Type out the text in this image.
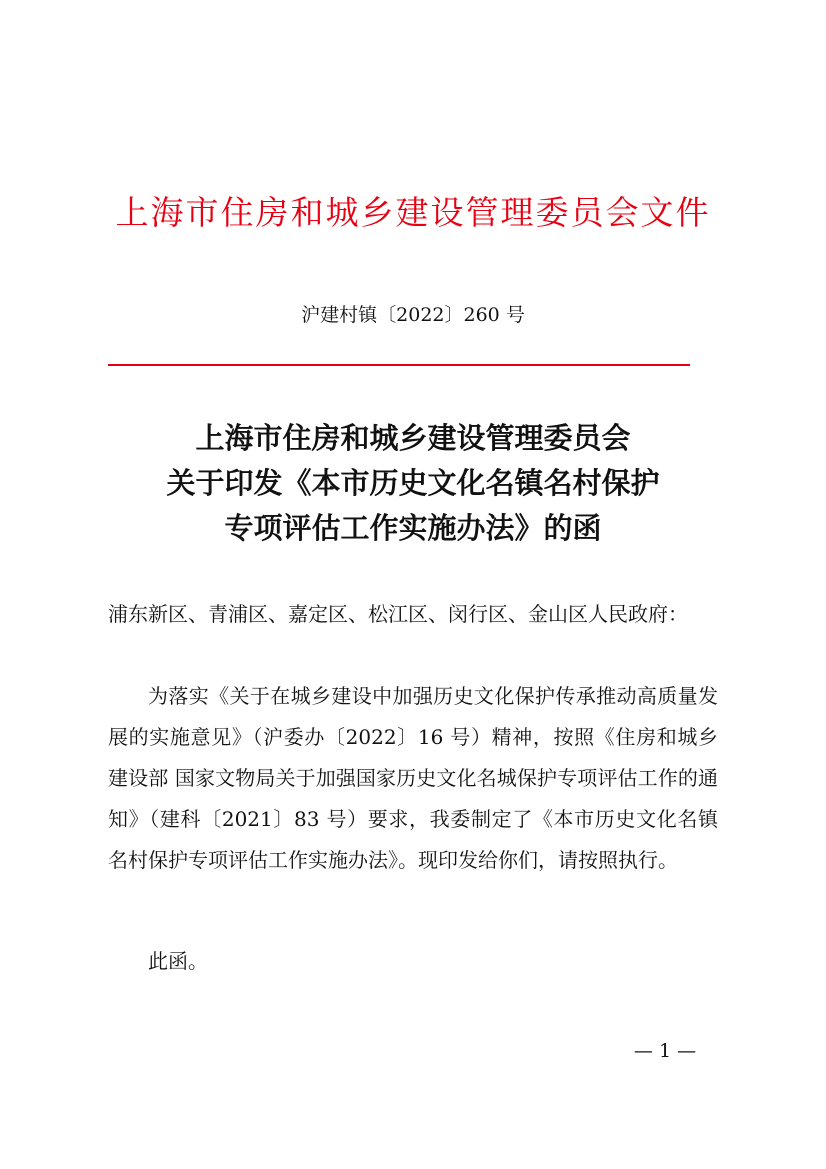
上海市住房和城乡建设管理委员会文件
沪建村镇〔2022〕260 号
上海市住房和城乡建设管理委员会
关于印发《本市历史文化名镇名村保护
专项评估工作实施办法》的函
浦东新区、青浦区、嘉定区、松江区、闵行区、金山区人民政府：
为落实《关于在城乡建设中加强历史文化保护传承推动高质量发展的实施意见》（沪委办〔2022〕16 号）精神，按照《住房和城乡建设部 国家文物局关于加强国家历史文化名城保护专项评估工作的通知》（建科〔2021〕83 号）要求，我委制定了《本市历史文化名镇名村保护专项评估工作实施办法》。现印发给你们，请按照执行。
此函。
— 1 —
